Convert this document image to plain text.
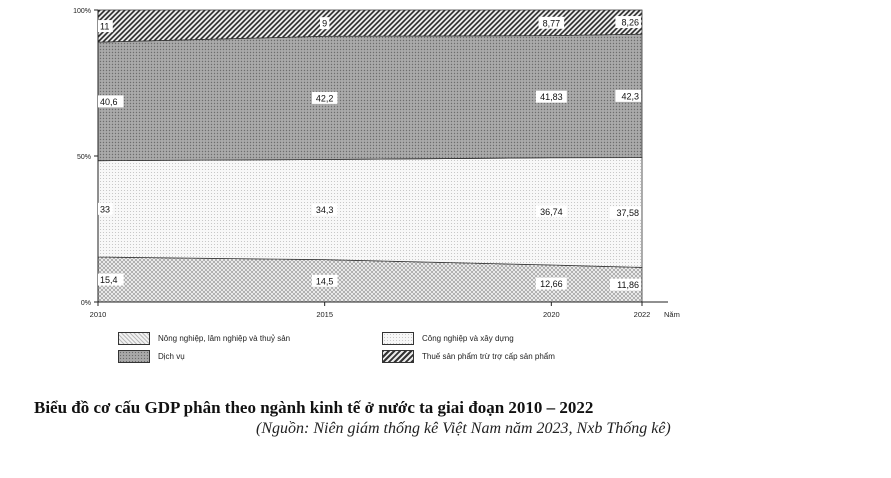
0%
50%
100%
2010	2015	2020	2022 Năm
15,4	14,5	12,66	11,86
33	34,3	36,74	37,58
40,6	42,2	41,83	42,3
11	9	8,77	8,26
Nông nghiệp, lâm nghiệp và thuỷ sản	Công nghiệp và xây dựng
Dịch vụ	Thuế sản phẩm trừ trợ cấp sản phẩm
Biểu đồ cơ cấu GDP phân theo ngành kinh tế ở nước ta giai đoạn 2010 – 2022
(Nguồn: Niên giám thống kê Việt Nam năm 2023, Nxb Thống kê)
